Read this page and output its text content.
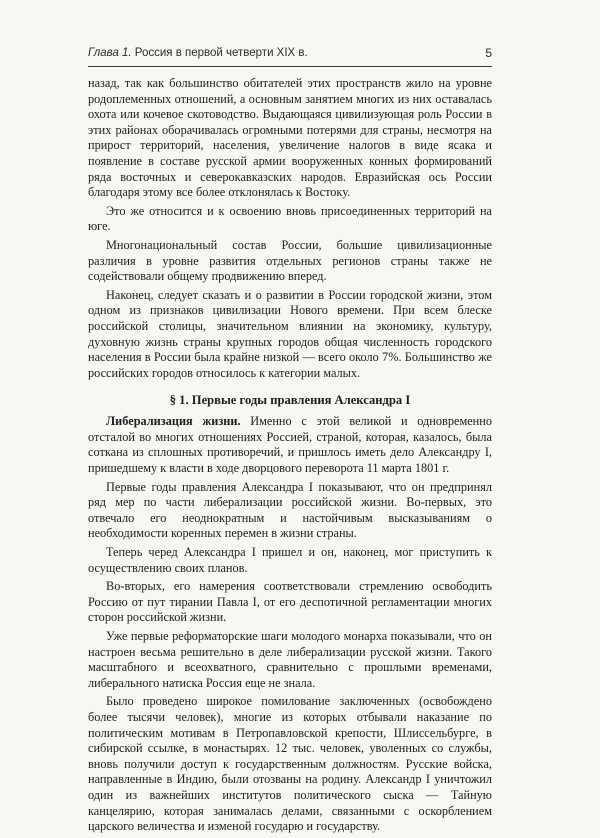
Глава 1. Россия в первой четверти XIX в.	5

назад, так как большинство обитателей этих пространств жило на уровне родоплеменных отношений, а основным занятием многих из них оставалась охота или кочевое скотоводство. Выдающаяся цивилизующая роль России в этих районах оборачивалась огромными потерями для страны, несмотря на прирост территорий, населения, увеличение налогов в виде ясака и появление в составе русской армии вооруженных конных формирований ряда восточных и северокавказских народов. Евразийская ось России благодаря этому все более отклонялась к Востоку.

Это же относится и к освоению вновь присоединенных территорий на юге.

Многонациональный состав России, большие цивилизационные различия в уровне развития отдельных регионов страны также не содействовали общему продвижению вперед.

Наконец, следует сказать и о развитии в России городской жизни, этом одном из признаков цивилизации Нового времени. При всем блеске российской столицы, значительном влиянии на экономику, культуру, духовную жизнь страны крупных городов общая численность городского населения в России была крайне низкой — всего около 7%. Большинство же российских городов относилось к категории малых.

§ 1. Первые годы правления Александра I

Либерализация жизни. Именно с этой великой и одновременно отсталой во многих отношениях Россией, страной, которая, казалось, была соткана из сплошных противоречий, и пришлось иметь дело Александру I, пришедшему к власти в ходе дворцового переворота 11 марта 1801 г.

Первые годы правления Александра I показывают, что он предпринял ряд мер по части либерализации российской жизни. Во-первых, это отвечало его неоднократным и настойчивым высказываниям о необходимости коренных перемен в жизни страны.

Теперь черед Александра I пришел и он, наконец, мог приступить к осуществлению своих планов.

Во-вторых, его намерения соответствовали стремлению освободить Россию от пут тирании Павла I, от его деспотичной регламентации многих сторон российской жизни.

Уже первые реформаторские шаги молодого монарха показывали, что он настроен весьма решительно в деле либерализации русской жизни. Такого масштабного и всеохватного, сравнительно с прошлыми временами, либерального натиска Россия еще не знала.

Было проведено широкое помилование заключенных (освобождено более тысячи человек), многие из которых отбывали наказание по политическим мотивам в Петропавловской крепости, Шлиссельбурге, в сибирской ссылке, в монастырях. 12 тыс. человек, уволенных со службы, вновь получили доступ к государственным должностям. Русские войска, направленные в Индию, были отозваны на родину. Александр I уничтожил один из важнейших институтов политического сыска — Тайную канцелярию, которая занималась делами, связанными с оскорблением царского величества и изменой государю и государству.
